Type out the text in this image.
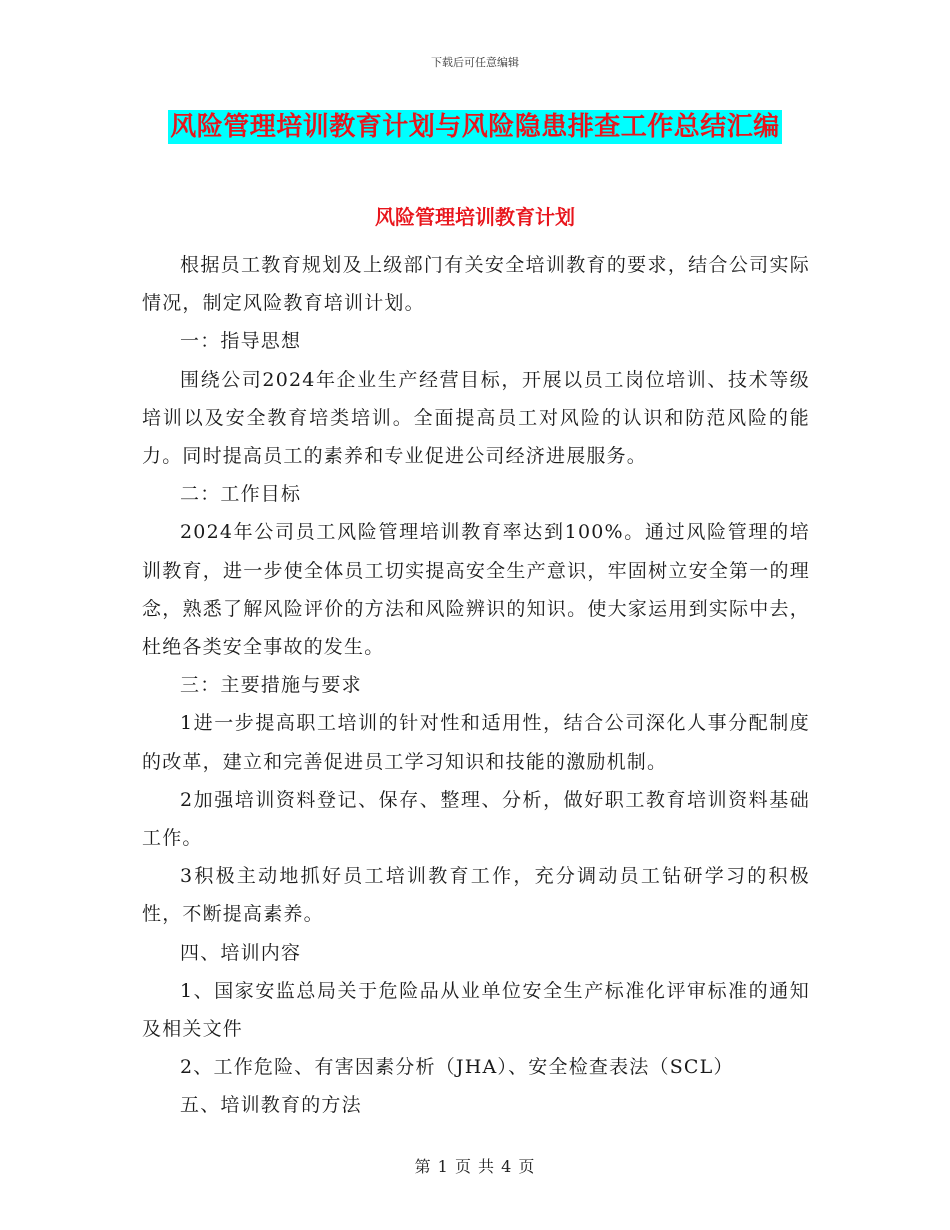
下载后可任意编辑
风险管理培训教育计划与风险隐患排查工作总结汇编
风险管理培训教育计划

根据员工教育规划及上级部门有关安全培训教育的要求，结合公司实际情况，制定风险教育培训计划。

一：指导思想

围绕公司2024年企业生产经营目标，开展以员工岗位培训、技术等级培训以及安全教育培类培训。全面提高员工对风险的认识和防范风险的能力。同时提高员工的素养和专业促进公司经济进展服务。

二：工作目标

2024年公司员工风险管理培训教育率达到100%。通过风险管理的培训教育，进一步使全体员工切实提高安全生产意识，牢固树立安全第一的理念，熟悉了解风险评价的方法和风险辨识的知识。使大家运用到实际中去，杜绝各类安全事故的发生。

三：主要措施与要求

1进一步提高职工培训的针对性和适用性，结合公司深化人事分配制度的改革，建立和完善促进员工学习知识和技能的激励机制。

2加强培训资料登记、保存、整理、分析，做好职工教育培训资料基础工作。

3积极主动地抓好员工培训教育工作，充分调动员工钻研学习的积极性，不断提高素养。

四、培训内容

1、国家安监总局关于危险品从业单位安全生产标准化评审标准的通知及相关文件

2、工作危险、有害因素分析（JHA）、安全检查表法（SCL）

五、培训教育的方法

第 1 页 共 4 页
